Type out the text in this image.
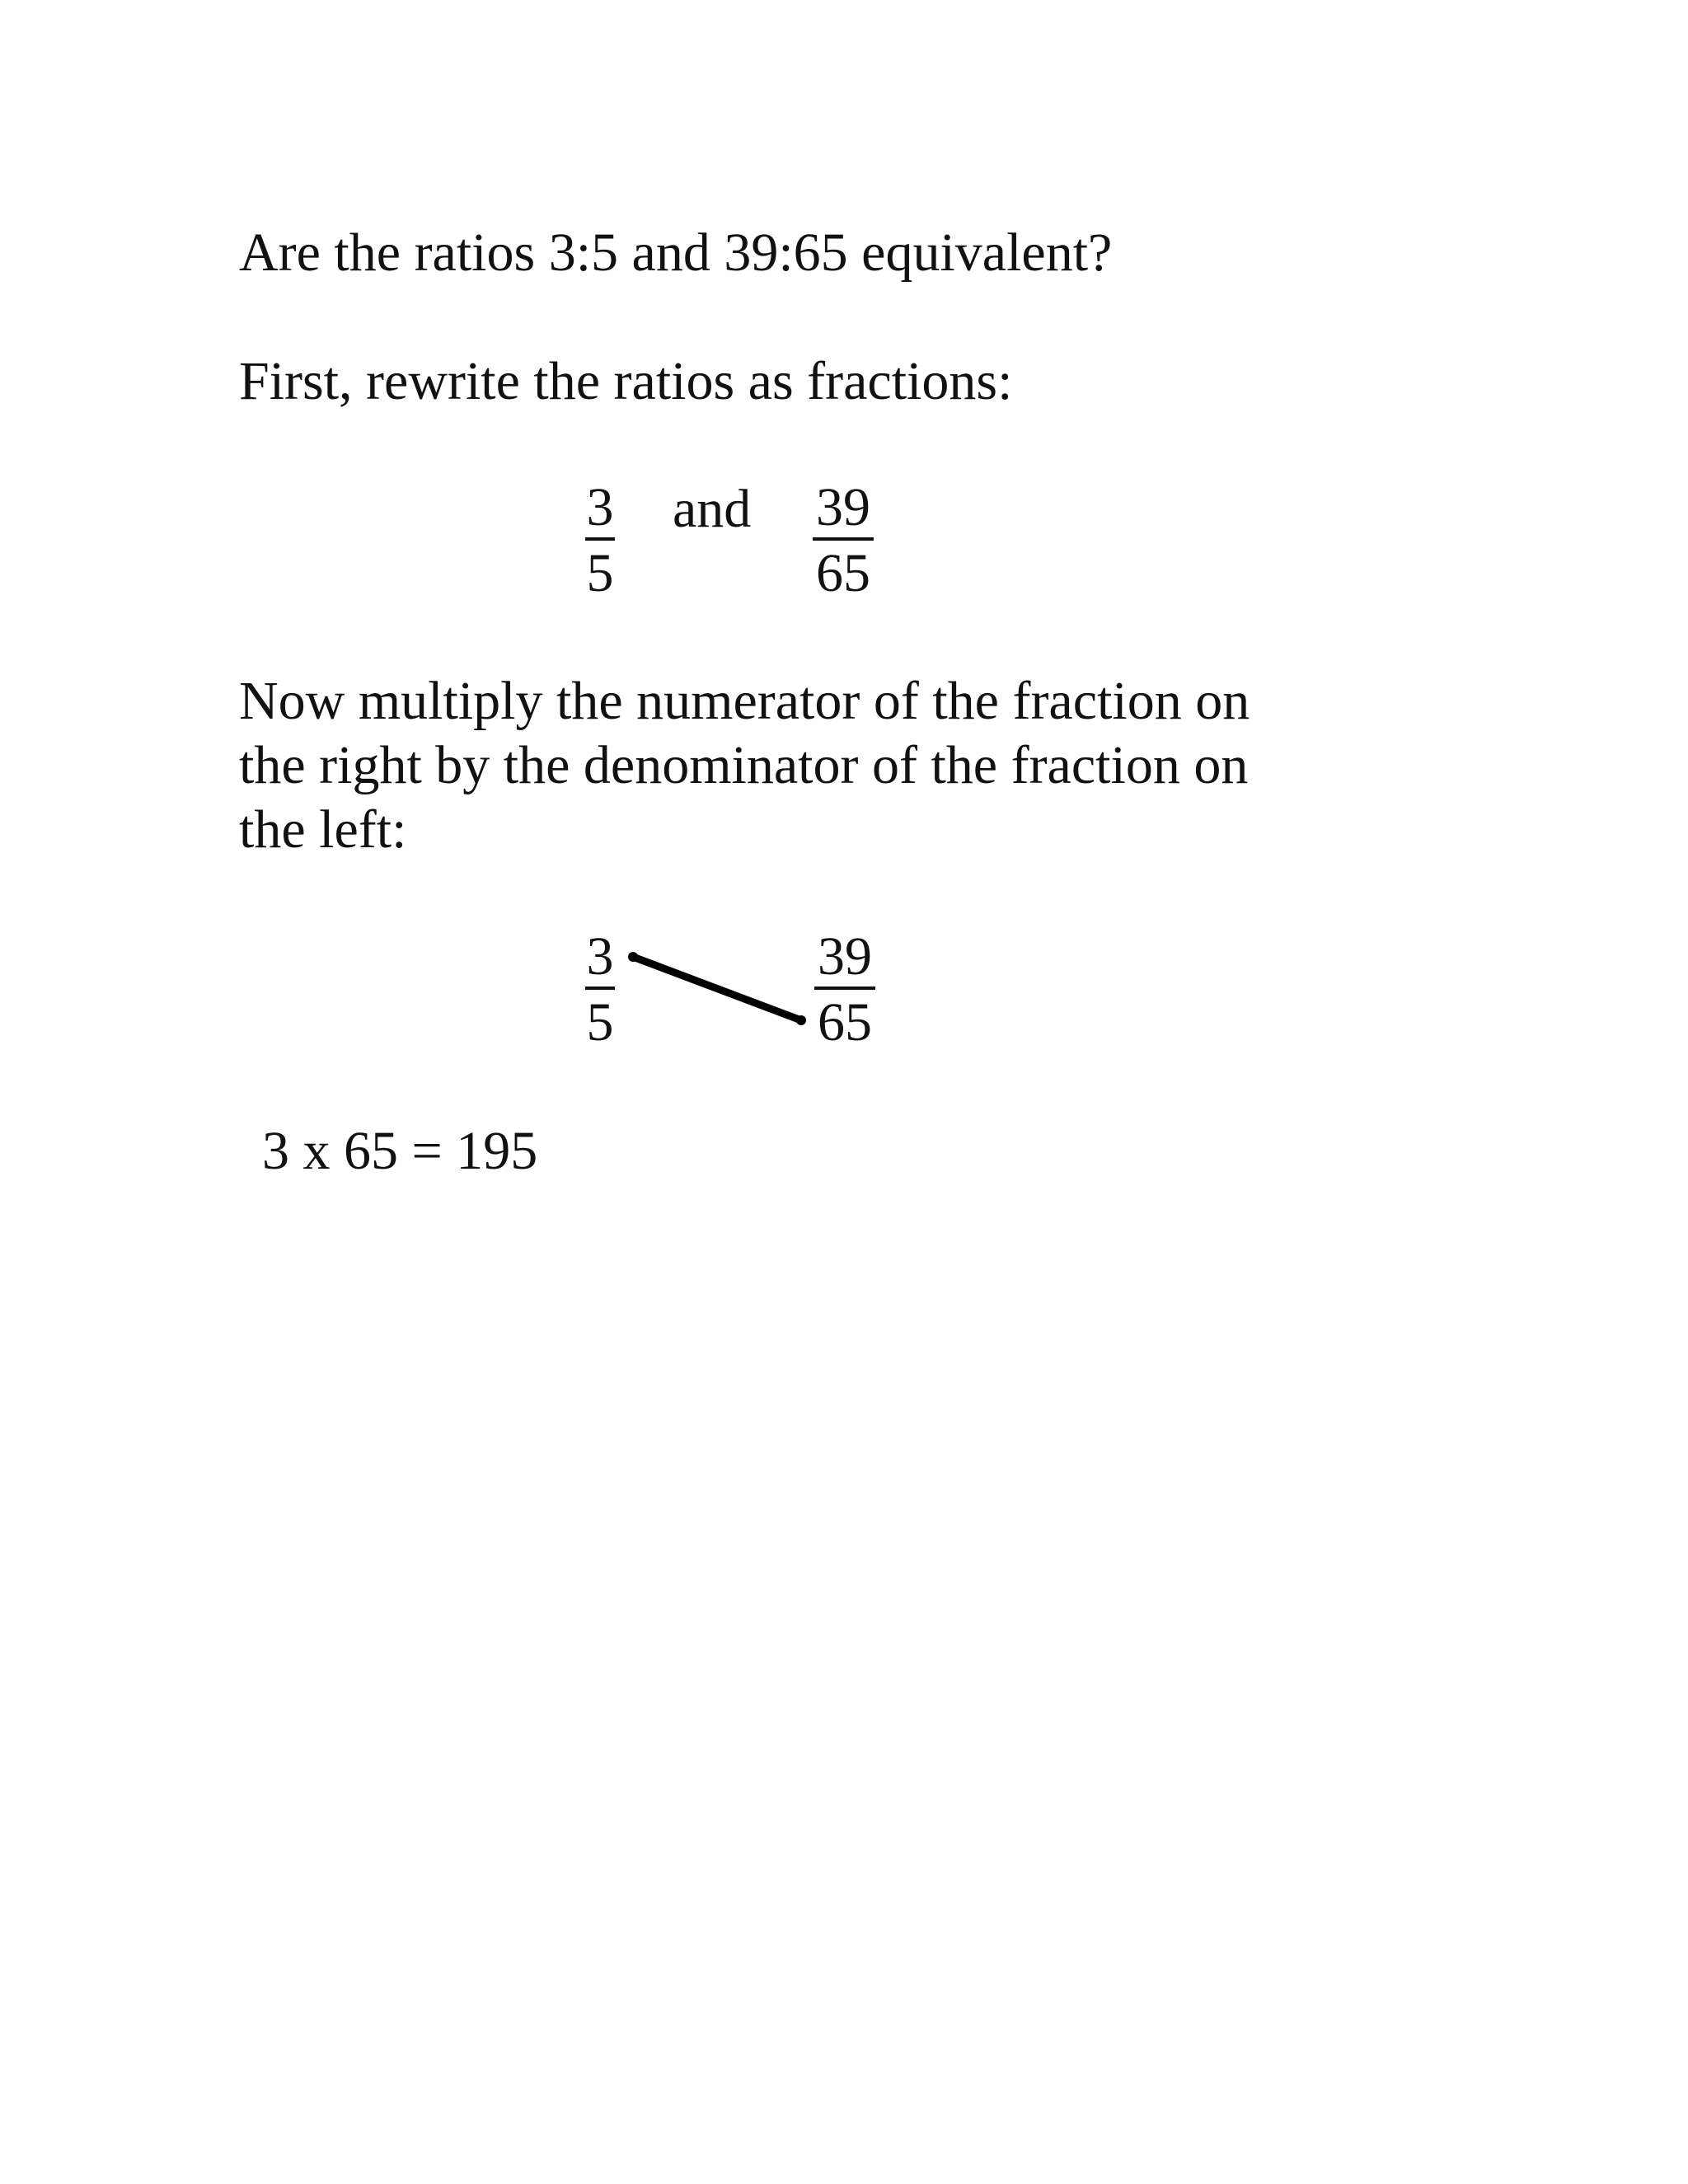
Are the ratios 3:5 and 39:65 equivalent?
First, rewrite the ratios as fractions:
3
5
and 39
65
Now multiply the numerator of the fraction on
the right by the denominator of the fraction on
the left:
3
5
39
65
3 x 65 = 195
